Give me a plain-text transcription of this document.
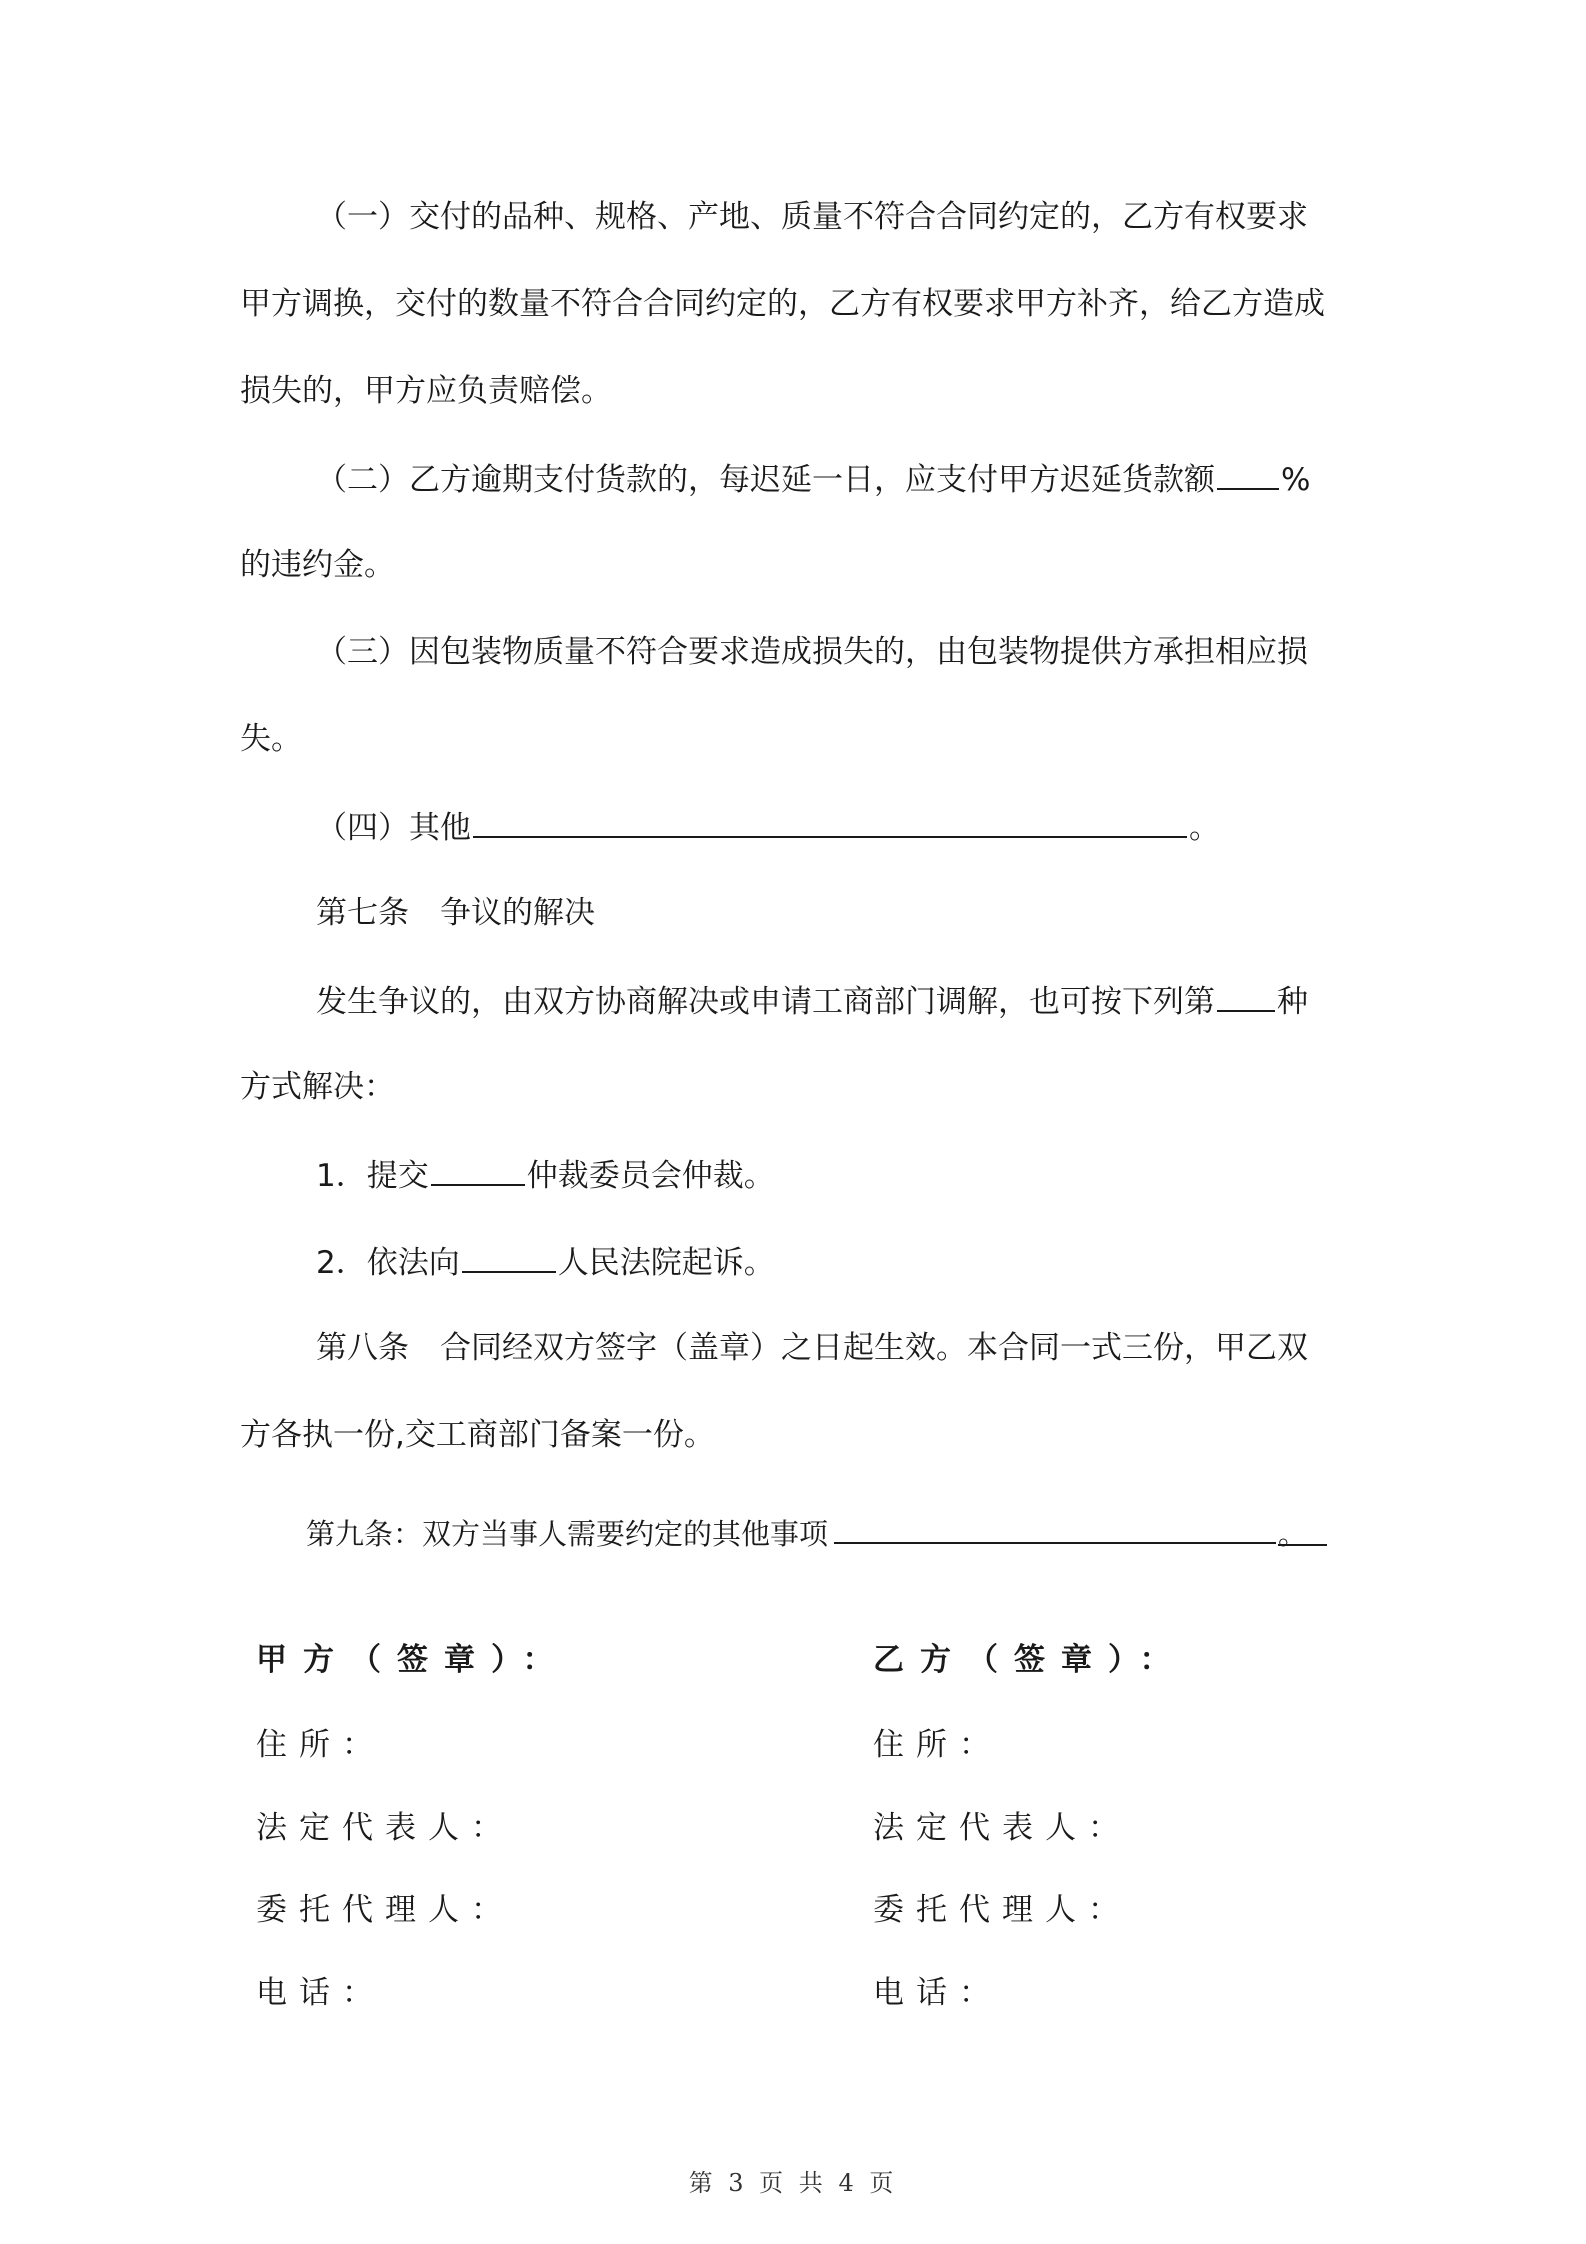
（一）交付的品种、规格、产地、质量不符合合同约定的，乙方有权要求
甲方调换，交付的数量不符合合同约定的，乙方有权要求甲方补齐，给乙方造成
损失的，甲方应负责赔偿。
（二）乙方逾期支付货款的，每迟延一日，应支付甲方迟延货款额 %
的违约金。
（三）因包装物质量不符合要求造成损失的，由包装物提供方承担相应损
失。
（四）其他	。
第七条　争议的解决
发生争议的，由双方协商解决或申请工商部门调解，也可按下列第 种
方式解决：
1．提交	仲裁委员会仲裁。
2．依法向	人民法院起诉。
第八条　合同经双方签字（盖章）之日起生效。本合同一式三份，甲乙双
方各执一份,交工商部门备案一份。
第九条：双方当事人需要约定的其他事项	。
甲方（签章）：
住所：
法定代表人：
委托代理人：
电话：
乙方（签章）：
住所：
法定代表人：
委托代理人：
电话：
第 3 页 共 4 页
